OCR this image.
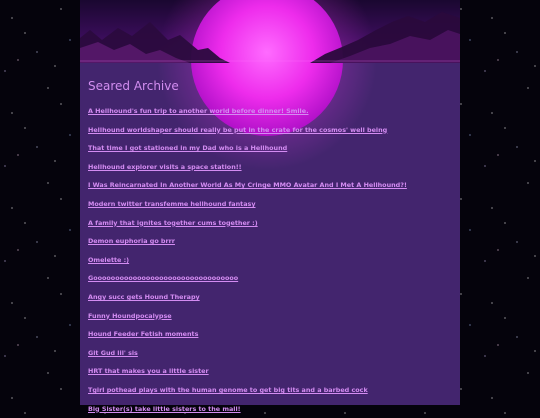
Seared Archive
A Hellhound's fun trip to another world before dinner! Smile.
Hellhound worldshaper should really be put in the crate for the cosmos' well being
That time I got stationed in my Dad who is a Hellhound
Hellhound explorer visits a space station!!
I Was Reincarnated In Another World As My Cringe MMO Avatar And I Met A Hellhound?!
Modern twitter transfemme hellhound fantasy
A family that ignites together cums together :)
Demon euphoria go brrr
Omelette :)
Gooooooooooooooooooooooooooooooooo
Angy succ gets Hound Therapy
Funny Houndpocalypse
Hound Feeder Fetish moments
Git Gud lil' sis
HRT that makes you a little sister
Tgirl pothead plays with the human genome to get big tits and a barbed cock
Big Sister(s) take little sisters to the mall!
